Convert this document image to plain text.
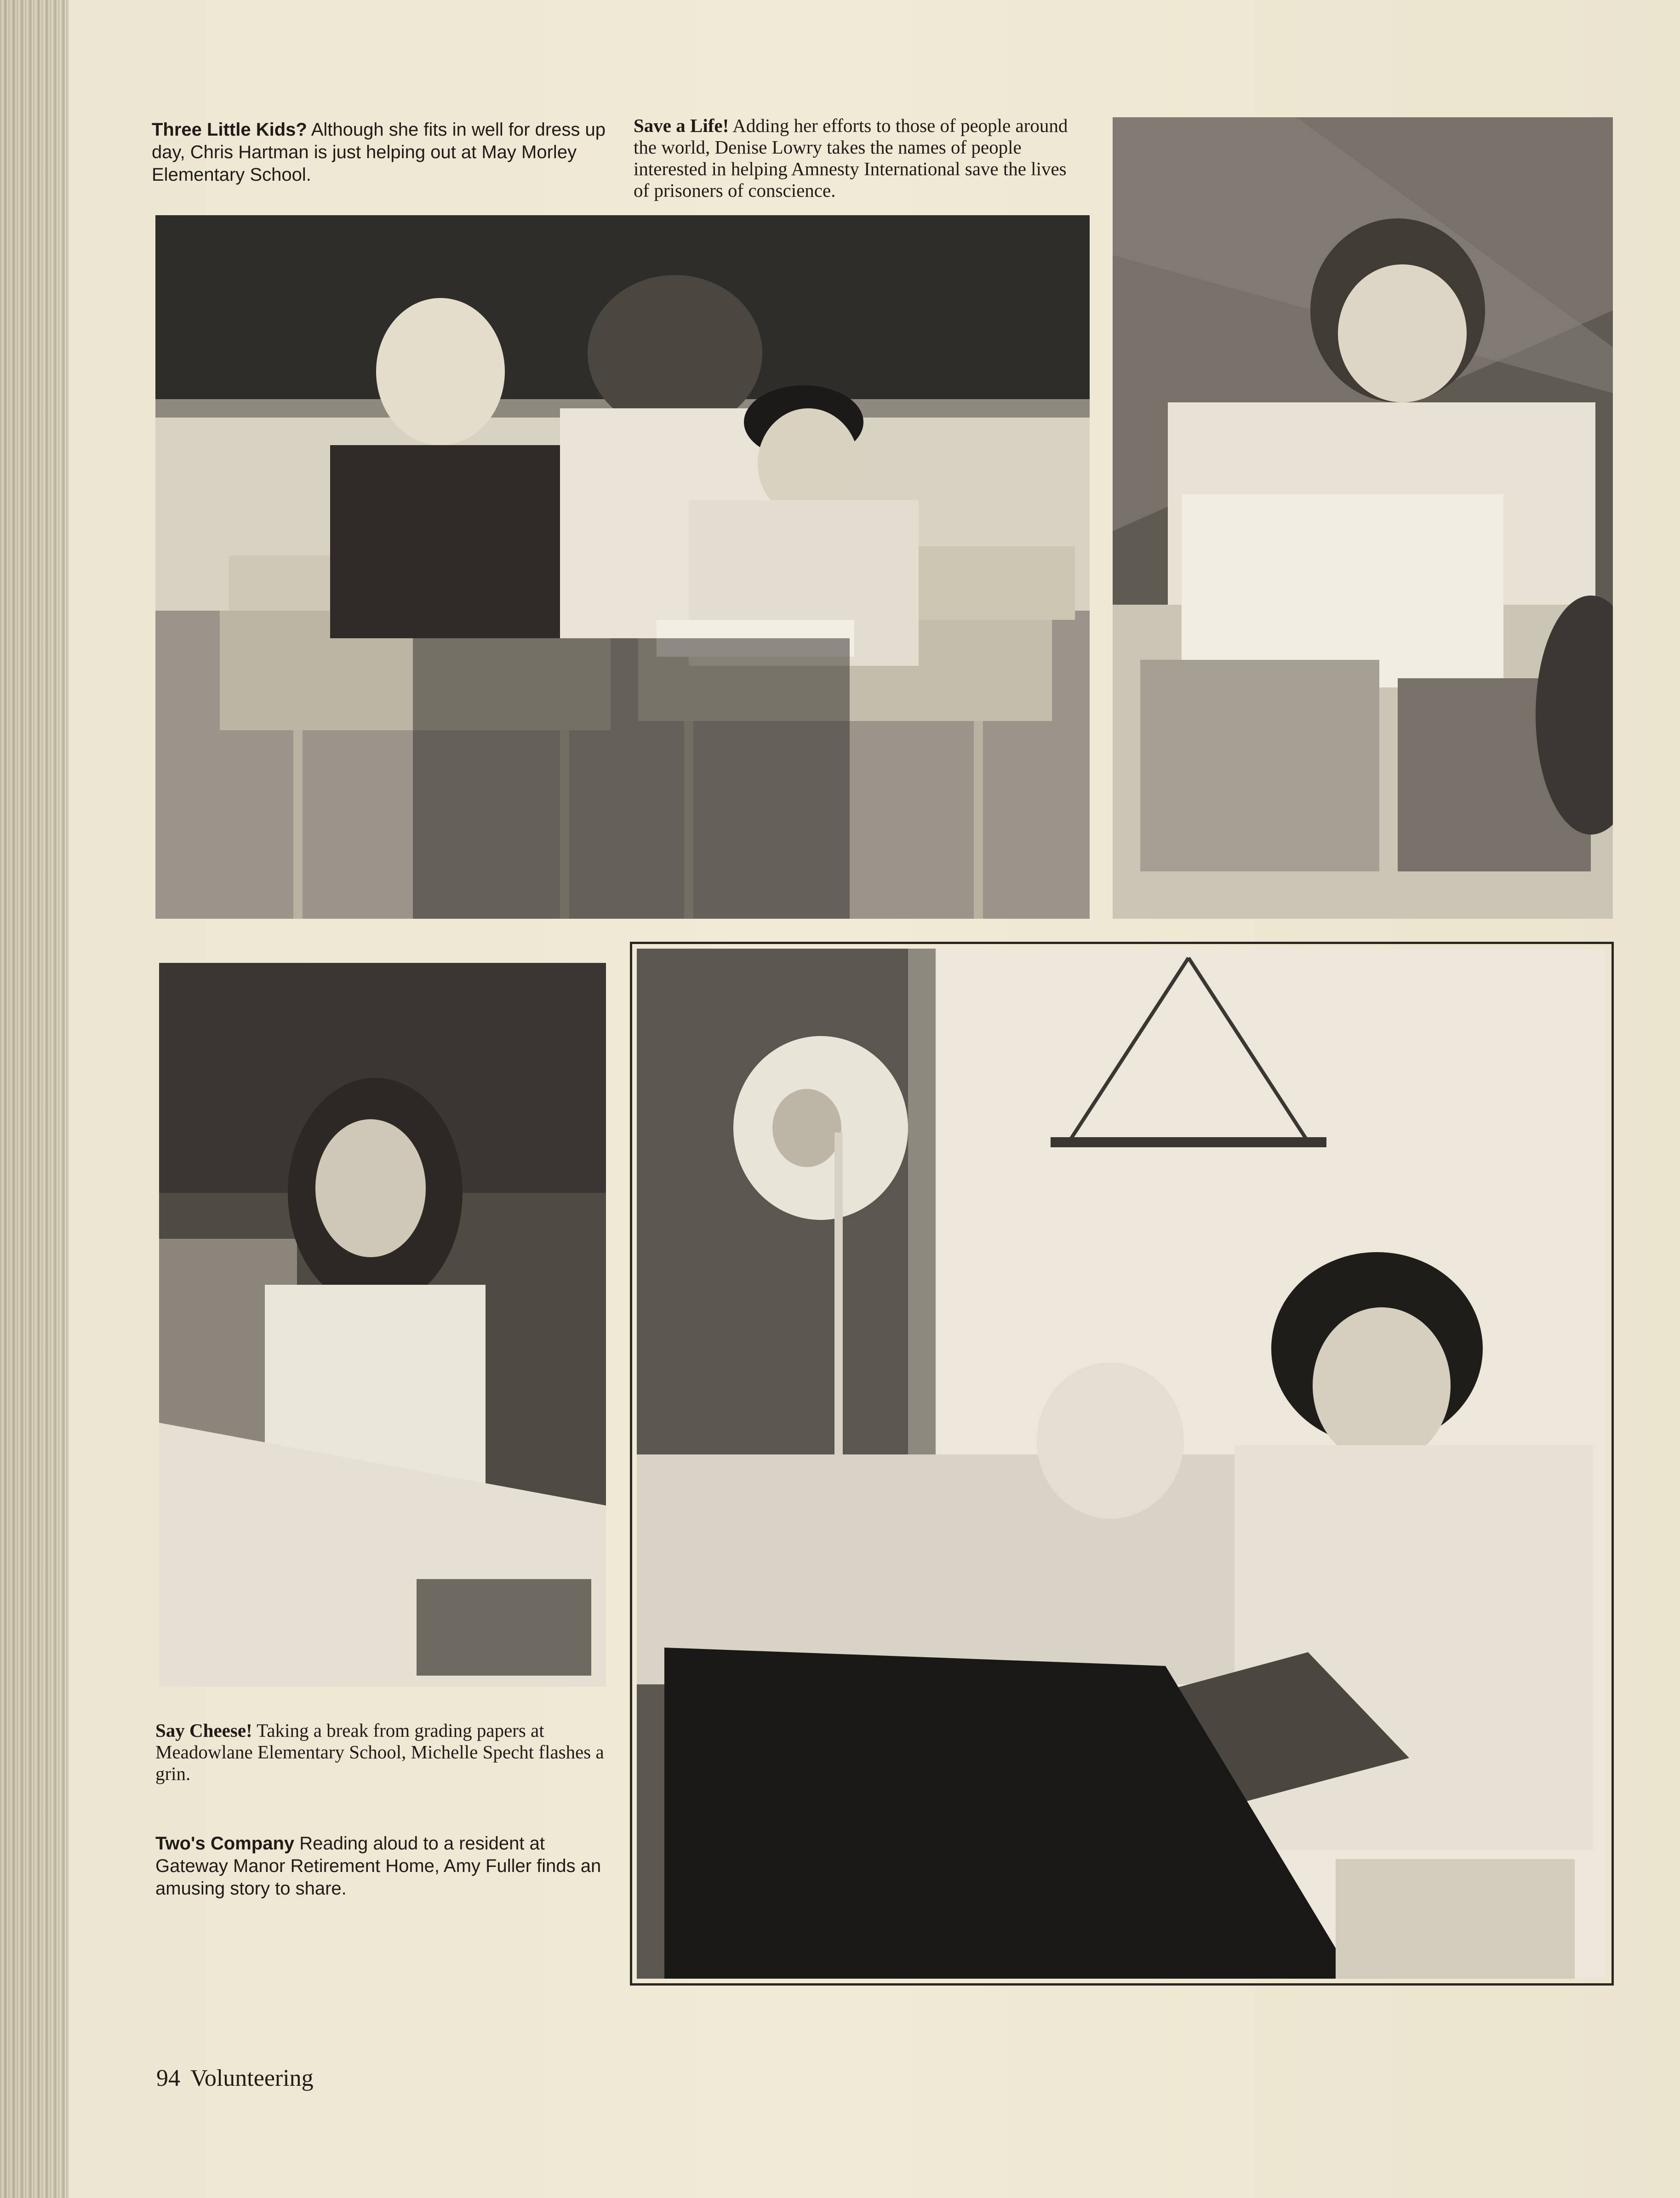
Three Little Kids? Although she fits in well for dress up day, Chris Hartman is just helping out at May Morley Elementary School.
Save a Life! Adding her efforts to those of people around the world, Denise Lowry takes the names of people interested in helping Amnesty International save the lives of prisoners of conscience.
Say Cheese! Taking a break from grading papers at Meadowlane Elementary School, Michelle Specht flashes a grin.
Two's Company Reading aloud to a resident at Gateway Manor Retirement Home, Amy Fuller finds an amusing story to share.
94 Volunteering
